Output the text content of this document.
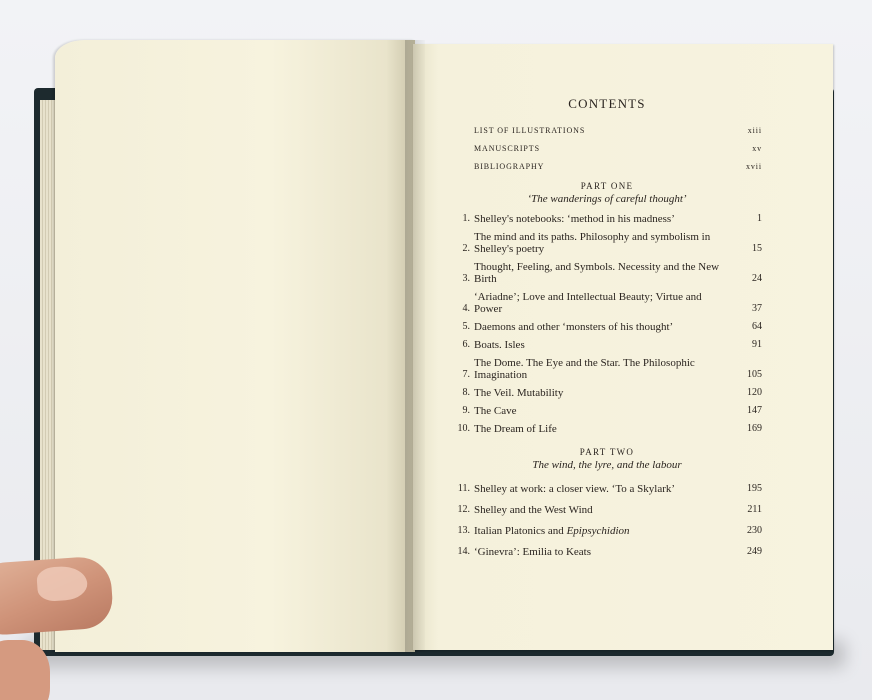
CONTENTS
LIST OF ILLUSTRATIONS	xiii
MANUSCRIPTS	xv
BIBLIOGRAPHY	xvii
PART ONE
‘The wanderings of careful thought’
1. Shelley's notebooks: ‘method in his madness’	1
2.
The mind and its paths. Philosophy and symbolism in Shelley's poetry	15
3.
Thought, Feeling, and Symbols. Necessity and the New Birth	24
4.
‘Ariadne’; Love and Intellectual Beauty; Virtue and Power	37
5. Daemons and other ‘monsters of his thought’	64
6. Boats. Isles	91
7.
The Dome. The Eye and the Star. The Philosophic Imagination	105
8. The Veil. Mutability	120
9. The Cave	147
10. The Dream of Life	169
PART TWO
The wind, the lyre, and the labour
11. Shelley at work: a closer view. ‘To a Skylark’	195
12. Shelley and the West Wind	211
13. Italian Platonics and Epipsychidion	230
14. ‘Ginevra’: Emilia to Keats	249
